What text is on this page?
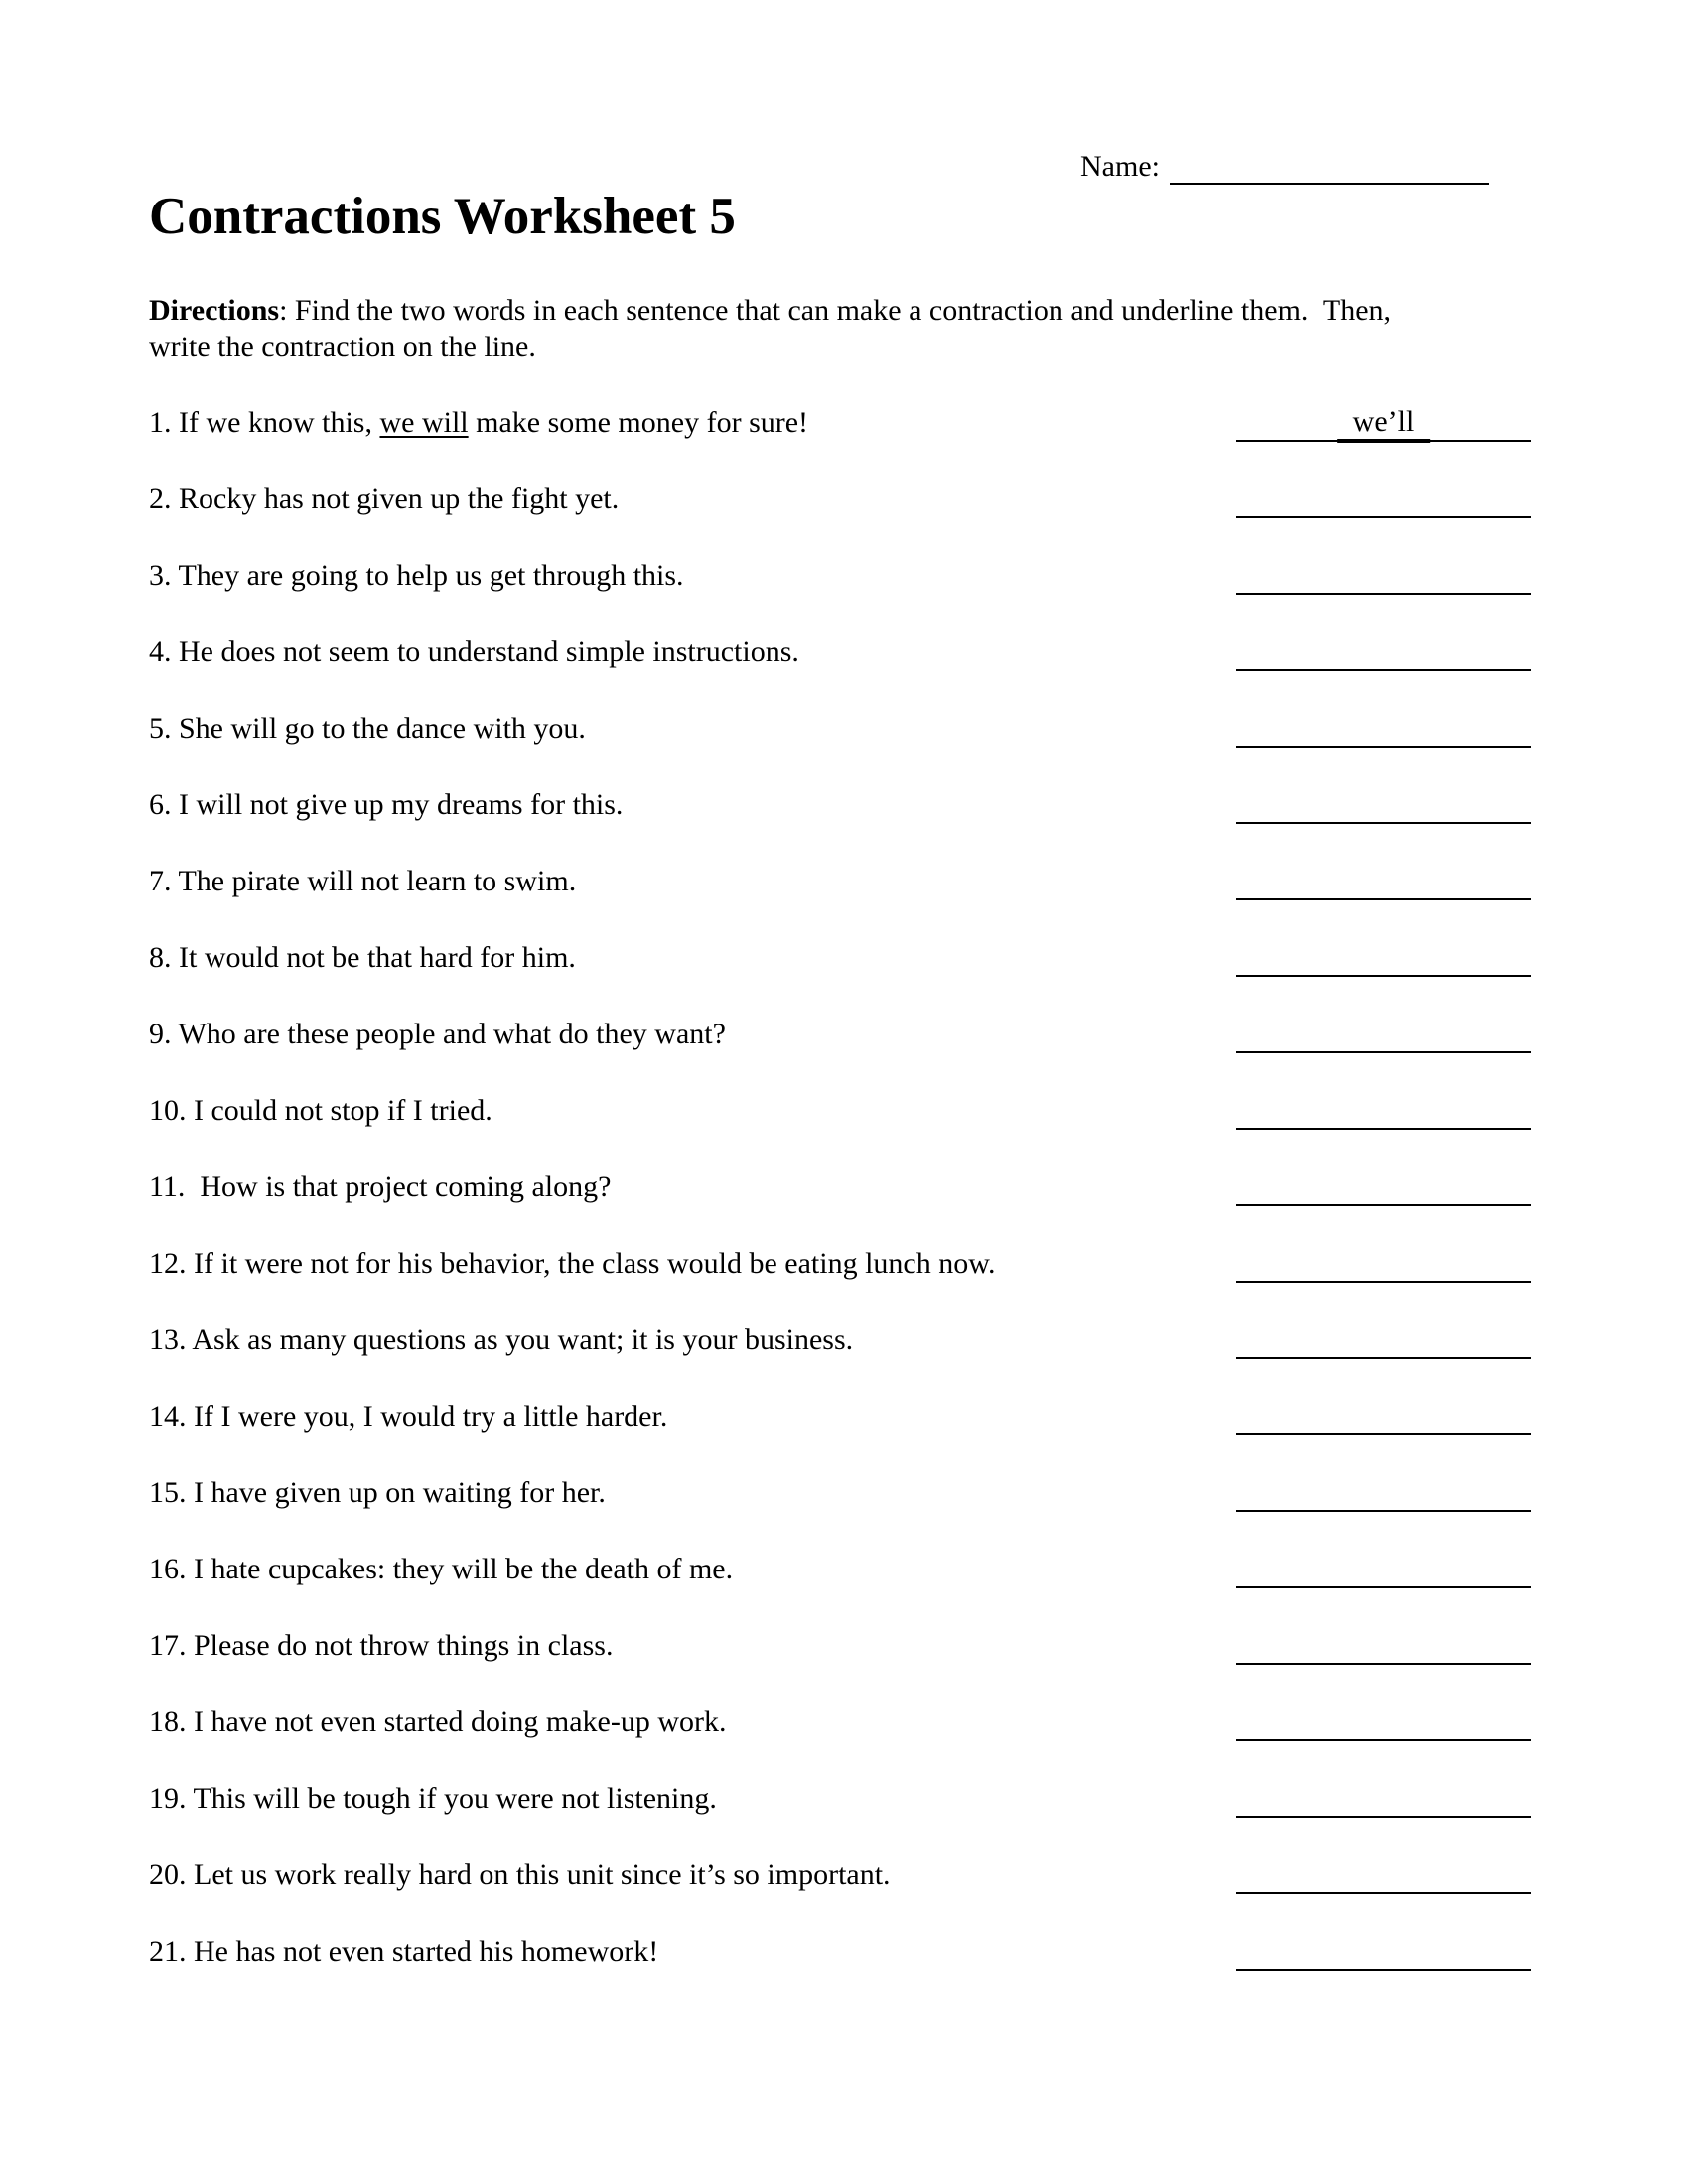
Name:
Contractions Worksheet 5
Directions: Find the two words in each sentence that can make a contraction and underline them.  Then,
write the contraction on the line.
1. If we know this, we will make some money for sure!	we’ll
2. Rocky has not given up the fight yet.
3. They are going to help us get through this.
4. He does not seem to understand simple instructions.
5. She will go to the dance with you.
6. I will not give up my dreams for this.
7. The pirate will not learn to swim.
8. It would not be that hard for him.
9. Who are these people and what do they want?
10. I could not stop if I tried.
11.  How is that project coming along?
12. If it were not for his behavior, the class would be eating lunch now.
13. Ask as many questions as you want; it is your business.
14. If I were you, I would try a little harder.
15. I have given up on waiting for her.
16. I hate cupcakes: they will be the death of me.
17. Please do not throw things in class.
18. I have not even started doing make-up work.
19. This will be tough if you were not listening.
20. Let us work really hard on this unit since it’s so important.
21. He has not even started his homework!
